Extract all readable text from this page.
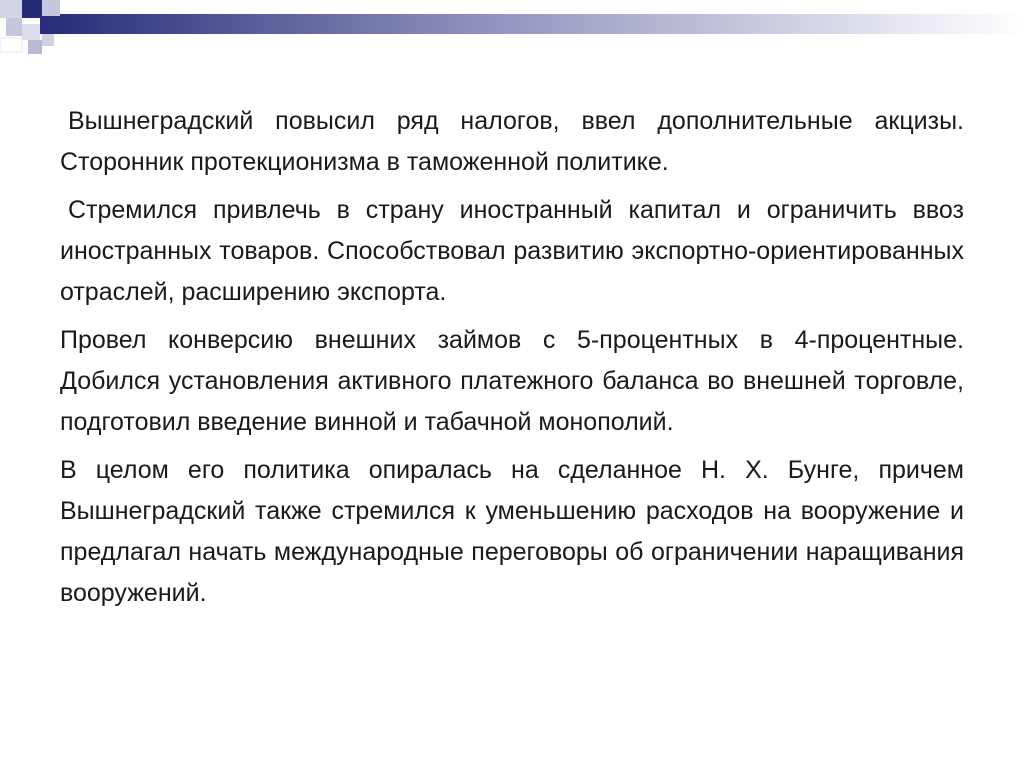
Вышнеградский повысил ряд налогов, ввел дополнительные акцизы. Сторонник протекционизма в таможенной политике.

Стремился привлечь в страну иностранный капитал и ограничить ввоз иностранных товаров. Способствовал развитию экспортно-ориентированных отраслей, расширению экспорта.

Провел конверсию внешних займов с 5-процентных в 4-процентные. Добился установления активного платежного баланса во внешней торговле, подготовил введение винной и табачной монополий.

В целом его политика опиралась на сделанное Н. Х. Бунге, причем Вышнеградский также стремился к уменьшению расходов на вооружение и предлагал начать международные переговоры об ограничении наращивания вооружений.
